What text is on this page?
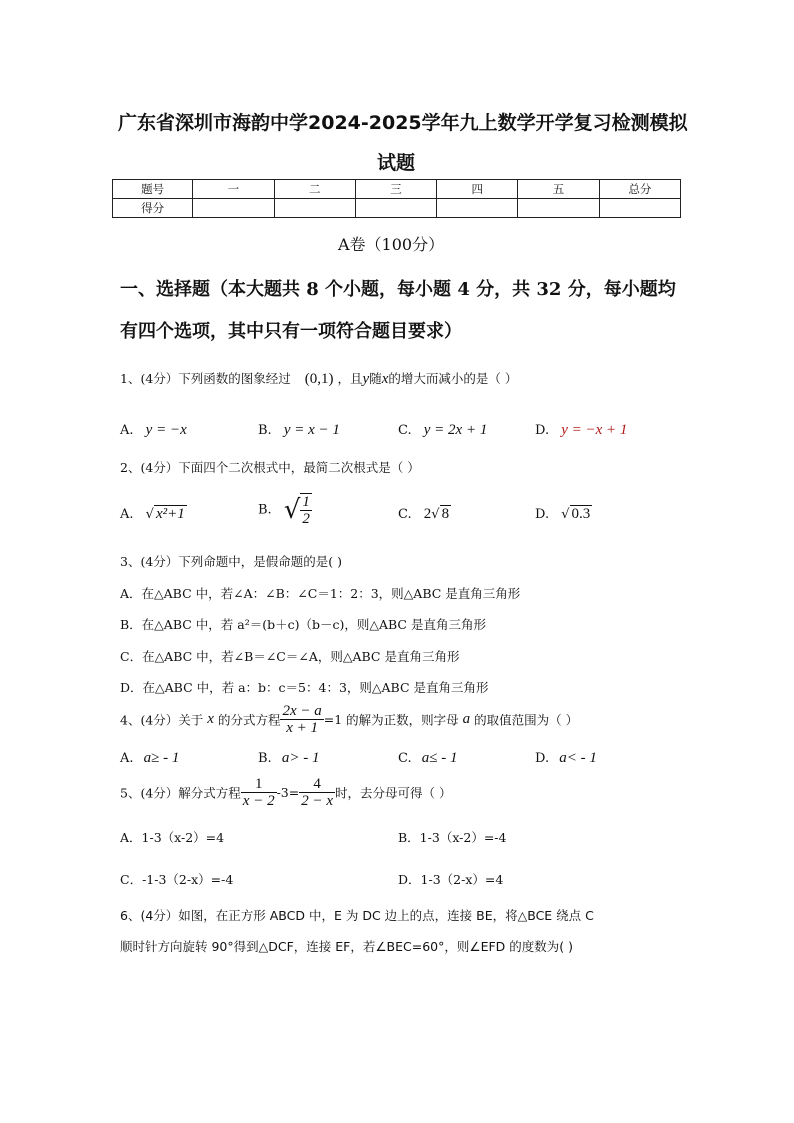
广东省深圳市海韵中学2024-2025学年九上数学开学复习检测模拟
试题
题号	一	二	三	四	五	总分
得分						
A卷（100分）
一、选择题（本大题共 8 个小题，每小题 4 分，共 32 分，每小题均
有四个选项，其中只有一项符合题目要求）
1、(4分）下列函数的图象经过 (0,1) ，且y随x的增大而减小的是（ ）
A. y = −x	B. y = x − 1	C. y = 2x + 1	D. y = −x + 1
2、(4分）下面四个二次根式中，最简二次根式是（ ）
A. √ x²+1	B. √ $\frac{1}{2}$	C. 2√ 8	D. √ 0.3
3、(4分）下列命题中，是假命题的是( )
A．在△ABC 中，若∠A：∠B：∠C＝1：2：3，则△ABC 是直角三角形
B．在△ABC 中，若 a²＝(b＋c)（b－c)，则△ABC 是直角三角形
C．在△ABC 中，若∠B＝∠C＝∠A，则△ABC 是直角三角形
D．在△ABC 中，若 a：b：c＝5：4：3，则△ABC 是直角三角形
4、(4分）关于 x 的分式方程 $\frac{2x - a}{x + 1} =1$ 的解为正数，则字母 a 的取值范围为（ ）
A. a≥ - 1	B. a> - 1	C. a≤ - 1	D. a< - 1
5、(4分）解分式方程 $\frac{1}{x - 2} -3= \frac{4}{2 - x}$ 时，去分母可得（ ）
A．1-3（x-2）=4	B．1-3（x-2）=-4
C．-1-3（2-x）=-4	D．1-3（2-x）=4
6、(4分）如图，在正方形 ABCD 中，E 为 DC 边上的点，连接 BE，将△BCE 绕点 C
顺时针方向旋转 90°得到△DCF，连接 EF，若∠BEC=60°，则∠EFD 的度数为( )
